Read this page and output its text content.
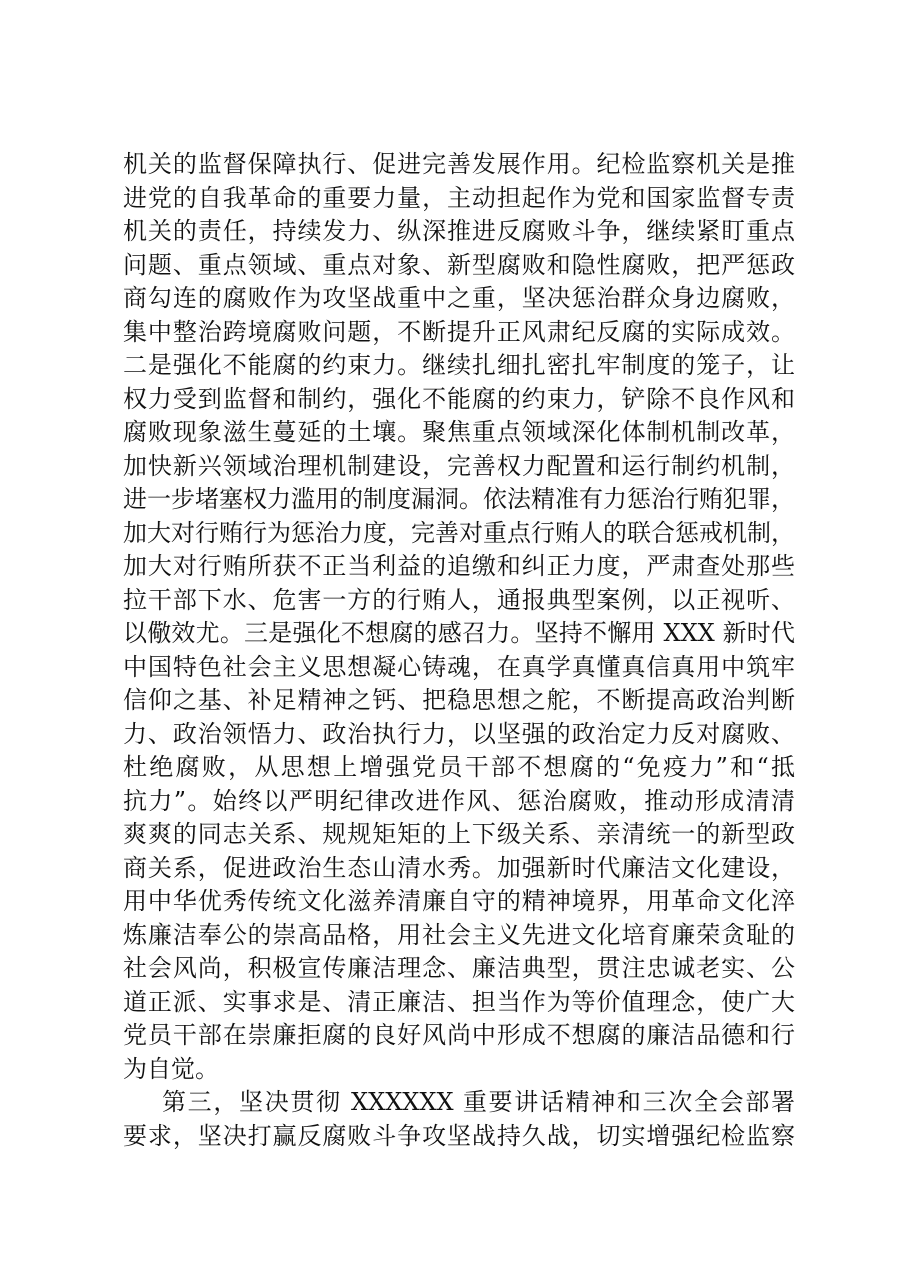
机关的监督保障执行、促进完善发展作用。纪检监察机关是推
进党的自我革命的重要力量，主动担起作为党和国家监督专责
机关的责任，持续发力、纵深推进反腐败斗争，继续紧盯重点
问题、重点领域、重点对象、新型腐败和隐性腐败，把严惩政
商勾连的腐败作为攻坚战重中之重，坚决惩治群众身边腐败，
集中整治跨境腐败问题，不断提升正风肃纪反腐的实际成效。
二是强化不能腐的约束力。继续扎细扎密扎牢制度的笼子，让
权力受到监督和制约，强化不能腐的约束力，铲除不良作风和
腐败现象滋生蔓延的土壤。聚焦重点领域深化体制机制改革，
加快新兴领域治理机制建设，完善权力配置和运行制约机制，
进一步堵塞权力滥用的制度漏洞。依法精准有力惩治行贿犯罪，
加大对行贿行为惩治力度，完善对重点行贿人的联合惩戒机制，
加大对行贿所获不正当利益的追缴和纠正力度，严肃查处那些
拉干部下水、危害一方的行贿人，通报典型案例，以正视听、
以儆效尤。三是强化不想腐的感召力。坚持不懈用 XXX 新时代
中国特色社会主义思想凝心铸魂，在真学真懂真信真用中筑牢
信仰之基、补足精神之钙、把稳思想之舵，不断提高政治判断
力、政治领悟力、政治执行力，以坚强的政治定力反对腐败、
杜绝腐败，从思想上增强党员干部不想腐的“免疫力”和“抵
抗力”。始终以严明纪律改进作风、惩治腐败，推动形成清清
爽爽的同志关系、规规矩矩的上下级关系、亲清统一的新型政
商关系，促进政治生态山清水秀。加强新时代廉洁文化建设，
用中华优秀传统文化滋养清廉自守的精神境界，用革命文化淬
炼廉洁奉公的崇高品格，用社会主义先进文化培育廉荣贪耻的
社会风尚，积极宣传廉洁理念、廉洁典型，贯注忠诚老实、公
道正派、实事求是、清正廉洁、担当作为等价值理念，使广大
党员干部在崇廉拒腐的良好风尚中形成不想腐的廉洁品德和行
为自觉。
第三，坚决贯彻 XXXXXX 重要讲话精神和三次全会部署
要求，坚决打赢反腐败斗争攻坚战持久战，切实增强纪检监察
